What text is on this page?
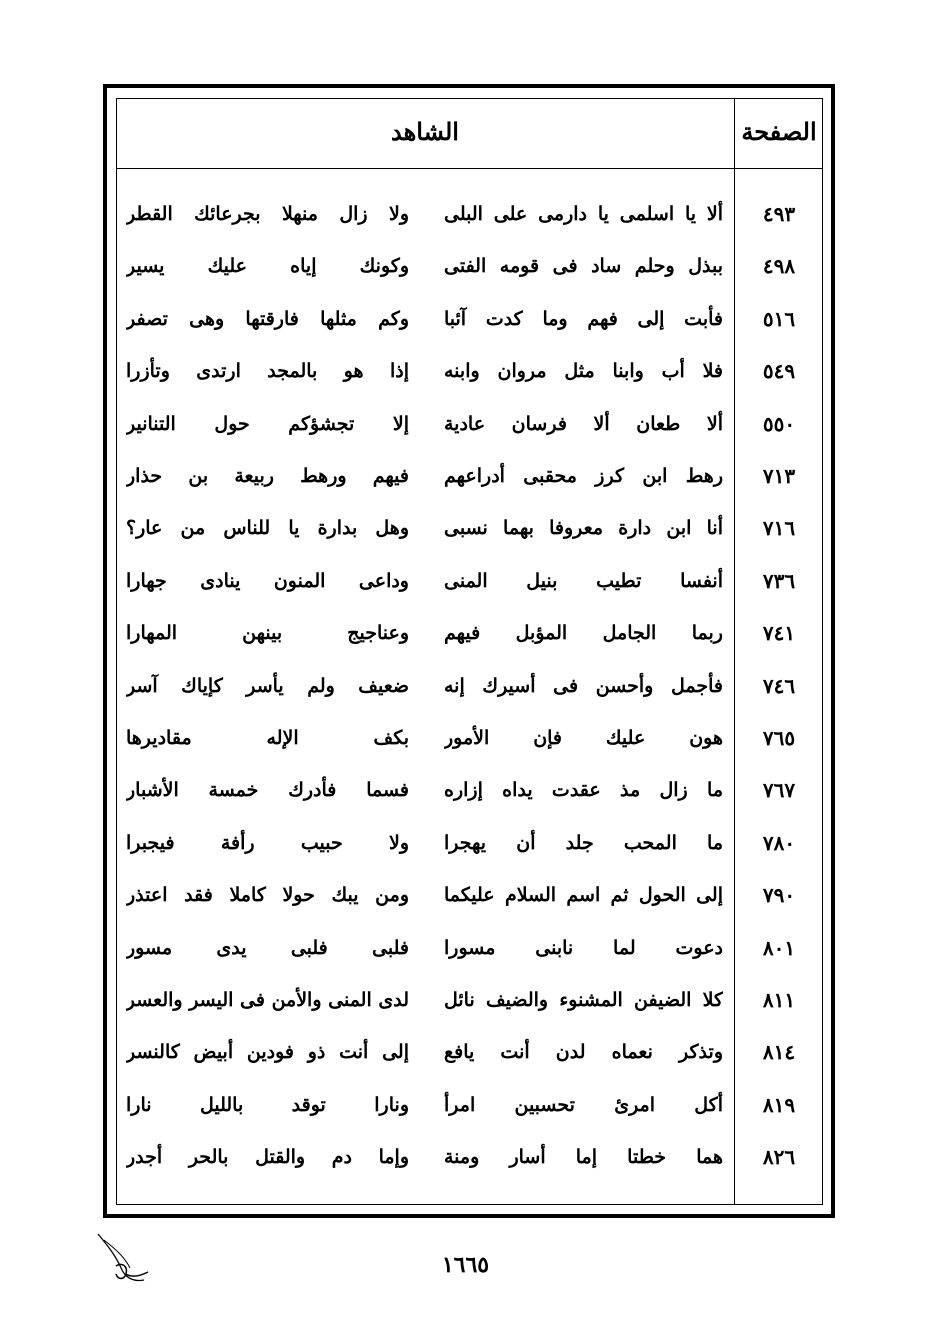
الصفحة
الشاهد
٤٩٣
ألا يا اسلمى يا دارمى على البلى
ولا زال منهلا بجرعائك القطر
٤٩٨
ببذل وحلم ساد فى قومه الفتى
وكونك إياه عليك يسير
٥١٦
فأبت إلى فهم وما كدت آئبا
وكم مثلها فارقتها وهى تصفر
٥٤٩
فلا أب وابنا مثل مروان وابنه
إذا هو بالمجد ارتدى وتأزرا
٥٥٠
ألا طعان ألا فرسان عادية
إلا تجشؤكم حول التنانير
٧١٣
رهط ابن كرز محقبى أدراعهم
فيهم ورهط ربيعة بن حذار
٧١٦
أنا ابن دارة معروفا بهما نسبى
وهل بدارة يا للناس من عار؟
٧٣٦
أنفسا تطيب بنيل المنى
وداعى المنون ينادى جهارا
٧٤١
ربما الجامل المؤبل فيهم
وعناجيج بينهن المهارا
٧٤٦
فأجمل وأحسن فى أسيرك إنه
ضعيف ولم يأسر كإياك آسر
٧٦٥
هون عليك فإن الأمور
بكف الإله مقاديرها
٧٦٧
ما زال مذ عقدت يداه إزاره
فسما فأدرك خمسة الأشبار
٧٨٠
ما المحب جلد أن يهجرا
ولا حبيب رأفة فيجبرا
٧٩٠
إلى الحول ثم اسم السلام عليكما
ومن يبك حولا كاملا فقد اعتذر
٨٠١
دعوت لما نابنى مسورا
فلبى فلبى يدى مسور
٨١١
كلا الضيفن المشنوء والضيف نائل
لدى المنى والأمن فى اليسر والعسر
٨١٤
وتذكر نعماه لدن أنت يافع
إلى أنت ذو فودين أبيض كالنسر
٨١٩
أكل امرئ تحسبين امرأ
ونارا توقد بالليل نارا
٨٢٦
هما خطتا إما أسار ومنة
وإما دم والقتل بالحر أجدر
١٦٦٥
